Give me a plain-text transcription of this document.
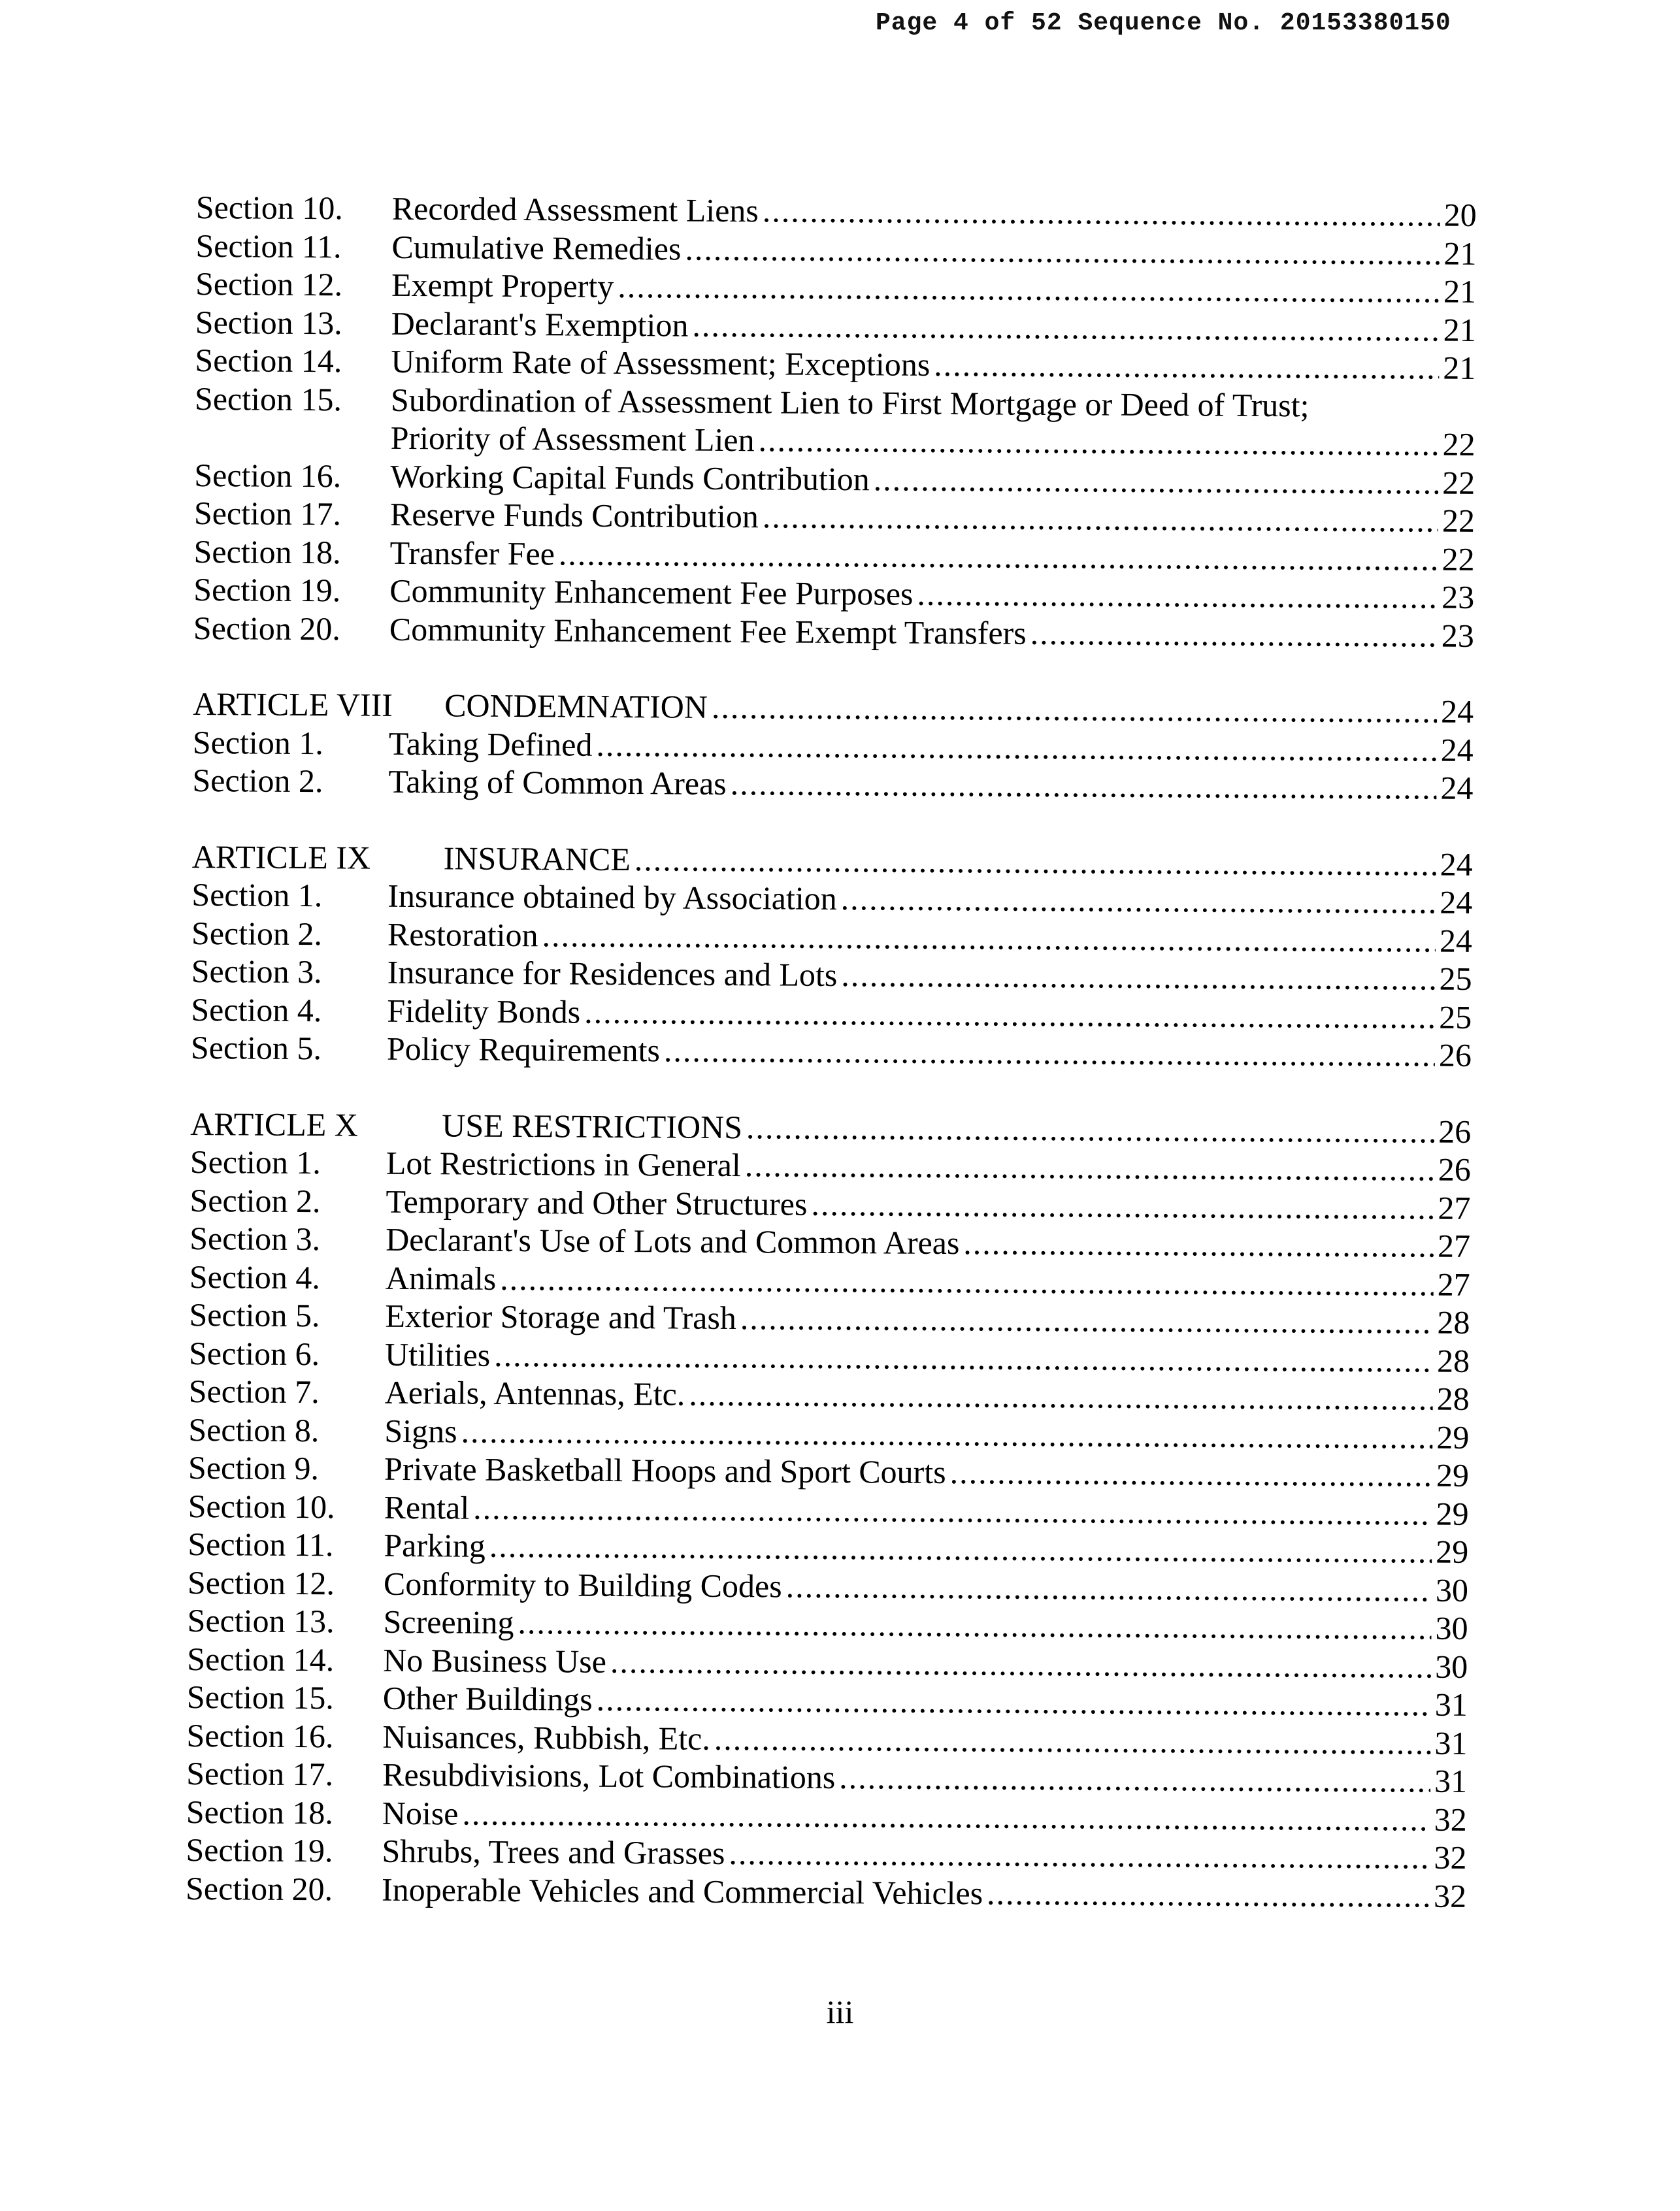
Page 4 of 52 Sequence No. 20153380150
Section 10.	Recorded Assessment Liens .....	20
Section 11.	Cumulative Remedies .....	21
Section 12.	Exempt Property .....	21
Section 13.	Declarant's Exemption .....	21
Section 14.	Uniform Rate of Assessment; Exceptions .....	21
Section 15.	Subordination of Assessment Lien to First Mortgage or Deed of Trust;
Priority of Assessment Lien .....	22
Section 16.	Working Capital Funds Contribution .....	22
Section 17.	Reserve Funds Contribution .....	22
Section 18.	Transfer Fee .....	22
Section 19.	Community Enhancement Fee Purposes .....	23
Section 20.	Community Enhancement Fee Exempt Transfers .....	23
ARTICLE VIII	CONDEMNATION .....	24
Section 1.	Taking Defined .....	24
Section 2.	Taking of Common Areas .....	24
ARTICLE IX	INSURANCE .....	24
Section 1.	Insurance obtained by Association .....	24
Section 2.	Restoration .....	24
Section 3.	Insurance for Residences and Lots .....	25
Section 4.	Fidelity Bonds .....	25
Section 5.	Policy Requirements .....	26
ARTICLE X	USE RESTRICTIONS .....	26
Section 1.	Lot Restrictions in General .....	26
Section 2.	Temporary and Other Structures .....	27
Section 3.	Declarant's Use of Lots and Common Areas .....	27
Section 4.	Animals .....	27
Section 5.	Exterior Storage and Trash .....	28
Section 6.	Utilities .....	28
Section 7.	Aerials, Antennas, Etc. .....	28
Section 8.	Signs .....	29
Section 9.	Private Basketball Hoops and Sport Courts .....	29
Section 10.	Rental .....	29
Section 11.	Parking .....	29
Section 12.	Conformity to Building Codes .....	30
Section 13.	Screening .....	30
Section 14.	No Business Use .....	30
Section 15.	Other Buildings .....	31
Section 16.	Nuisances, Rubbish, Etc. .....	31
Section 17.	Resubdivisions, Lot Combinations .....	31
Section 18.	Noise .....	32
Section 19.	Shrubs, Trees and Grasses .....	32
Section 20.	Inoperable Vehicles and Commercial Vehicles .....	32
iii
